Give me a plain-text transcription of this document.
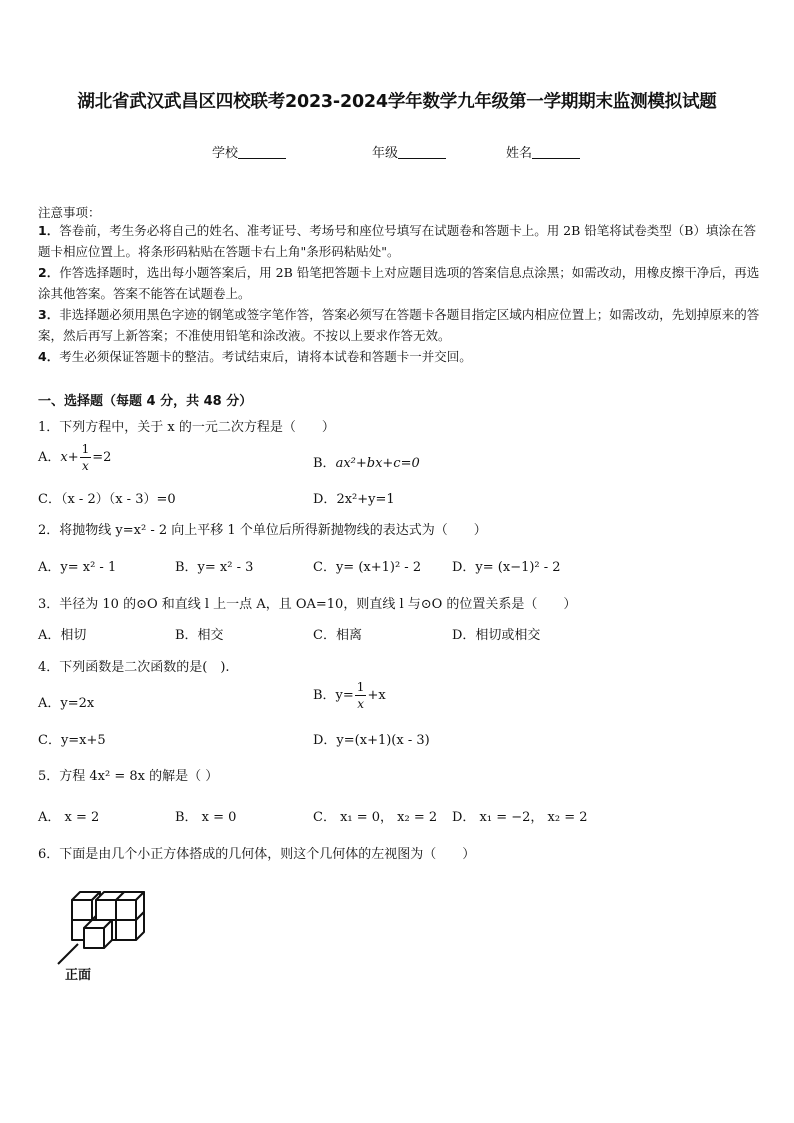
湖北省武汉武昌区四校联考2023-2024学年数学九年级第一学期期末监测模拟试题
学校	年级	姓名
注意事项：
1．答卷前，考生务必将自己的姓名、准考证号、考场号和座位号填写在试题卷和答题卡上。用 2B 铅笔将试卷类型（B）填涂在答题卡相应位置上。将条形码粘贴在答题卡右上角"条形码粘贴处"。
2．作答选择题时，选出每小题答案后，用 2B 铅笔把答题卡上对应题目选项的答案信息点涂黑；如需改动，用橡皮擦干净后，再选涂其他答案。答案不能答在试题卷上。
3．非选择题必须用黑色字迹的钢笔或签字笔作答，答案必须写在答题卡各题目指定区域内相应位置上；如需改动，先划掉原来的答案，然后再写上新答案；不准使用铅笔和涂改液。不按以上要求作答无效。
4．考生必须保证答题卡的整洁。考试结束后，请将本试卷和答题卡一并交回。
一、选择题（每题 4 分，共 48 分）
1．下列方程中，关于 x 的一元二次方程是（　　）
A．$x+ \frac{1}{x} =2$	B．ax²+bx+c=0
C．（x - 2）（x - 3）=0	D．2x²+y=1
2．将抛物线 y=x² - 2 向上平移 1 个单位后所得新抛物线的表达式为（　　）
A．y= x² - 1	B．y= x² - 3	C．y= (x+1)² - 2 D．y= (x−1)² - 2
3．半径为 10 的⊙O 和直线 l 上一点 A，且 OA=10，则直线 l 与⊙O 的位置关系是（　　）
A．相切	B．相交	C．相离	D．相切或相交
4．下列函数是二次函数的是(　).
A．y=2x
B．$y= \frac{1}{x} +x$
C．y=x+5	D．y=(x+1)(x - 3)
5．方程 4x² = 8x 的解是（ ）
A． x = 2	B． x = 0	C． x₁ = 0， x₂ = 2 D． x₁ = −2， x₂ = 2
6．下面是由几个小正方体搭成的几何体，则这个几何体的左视图为（　　）
正面
